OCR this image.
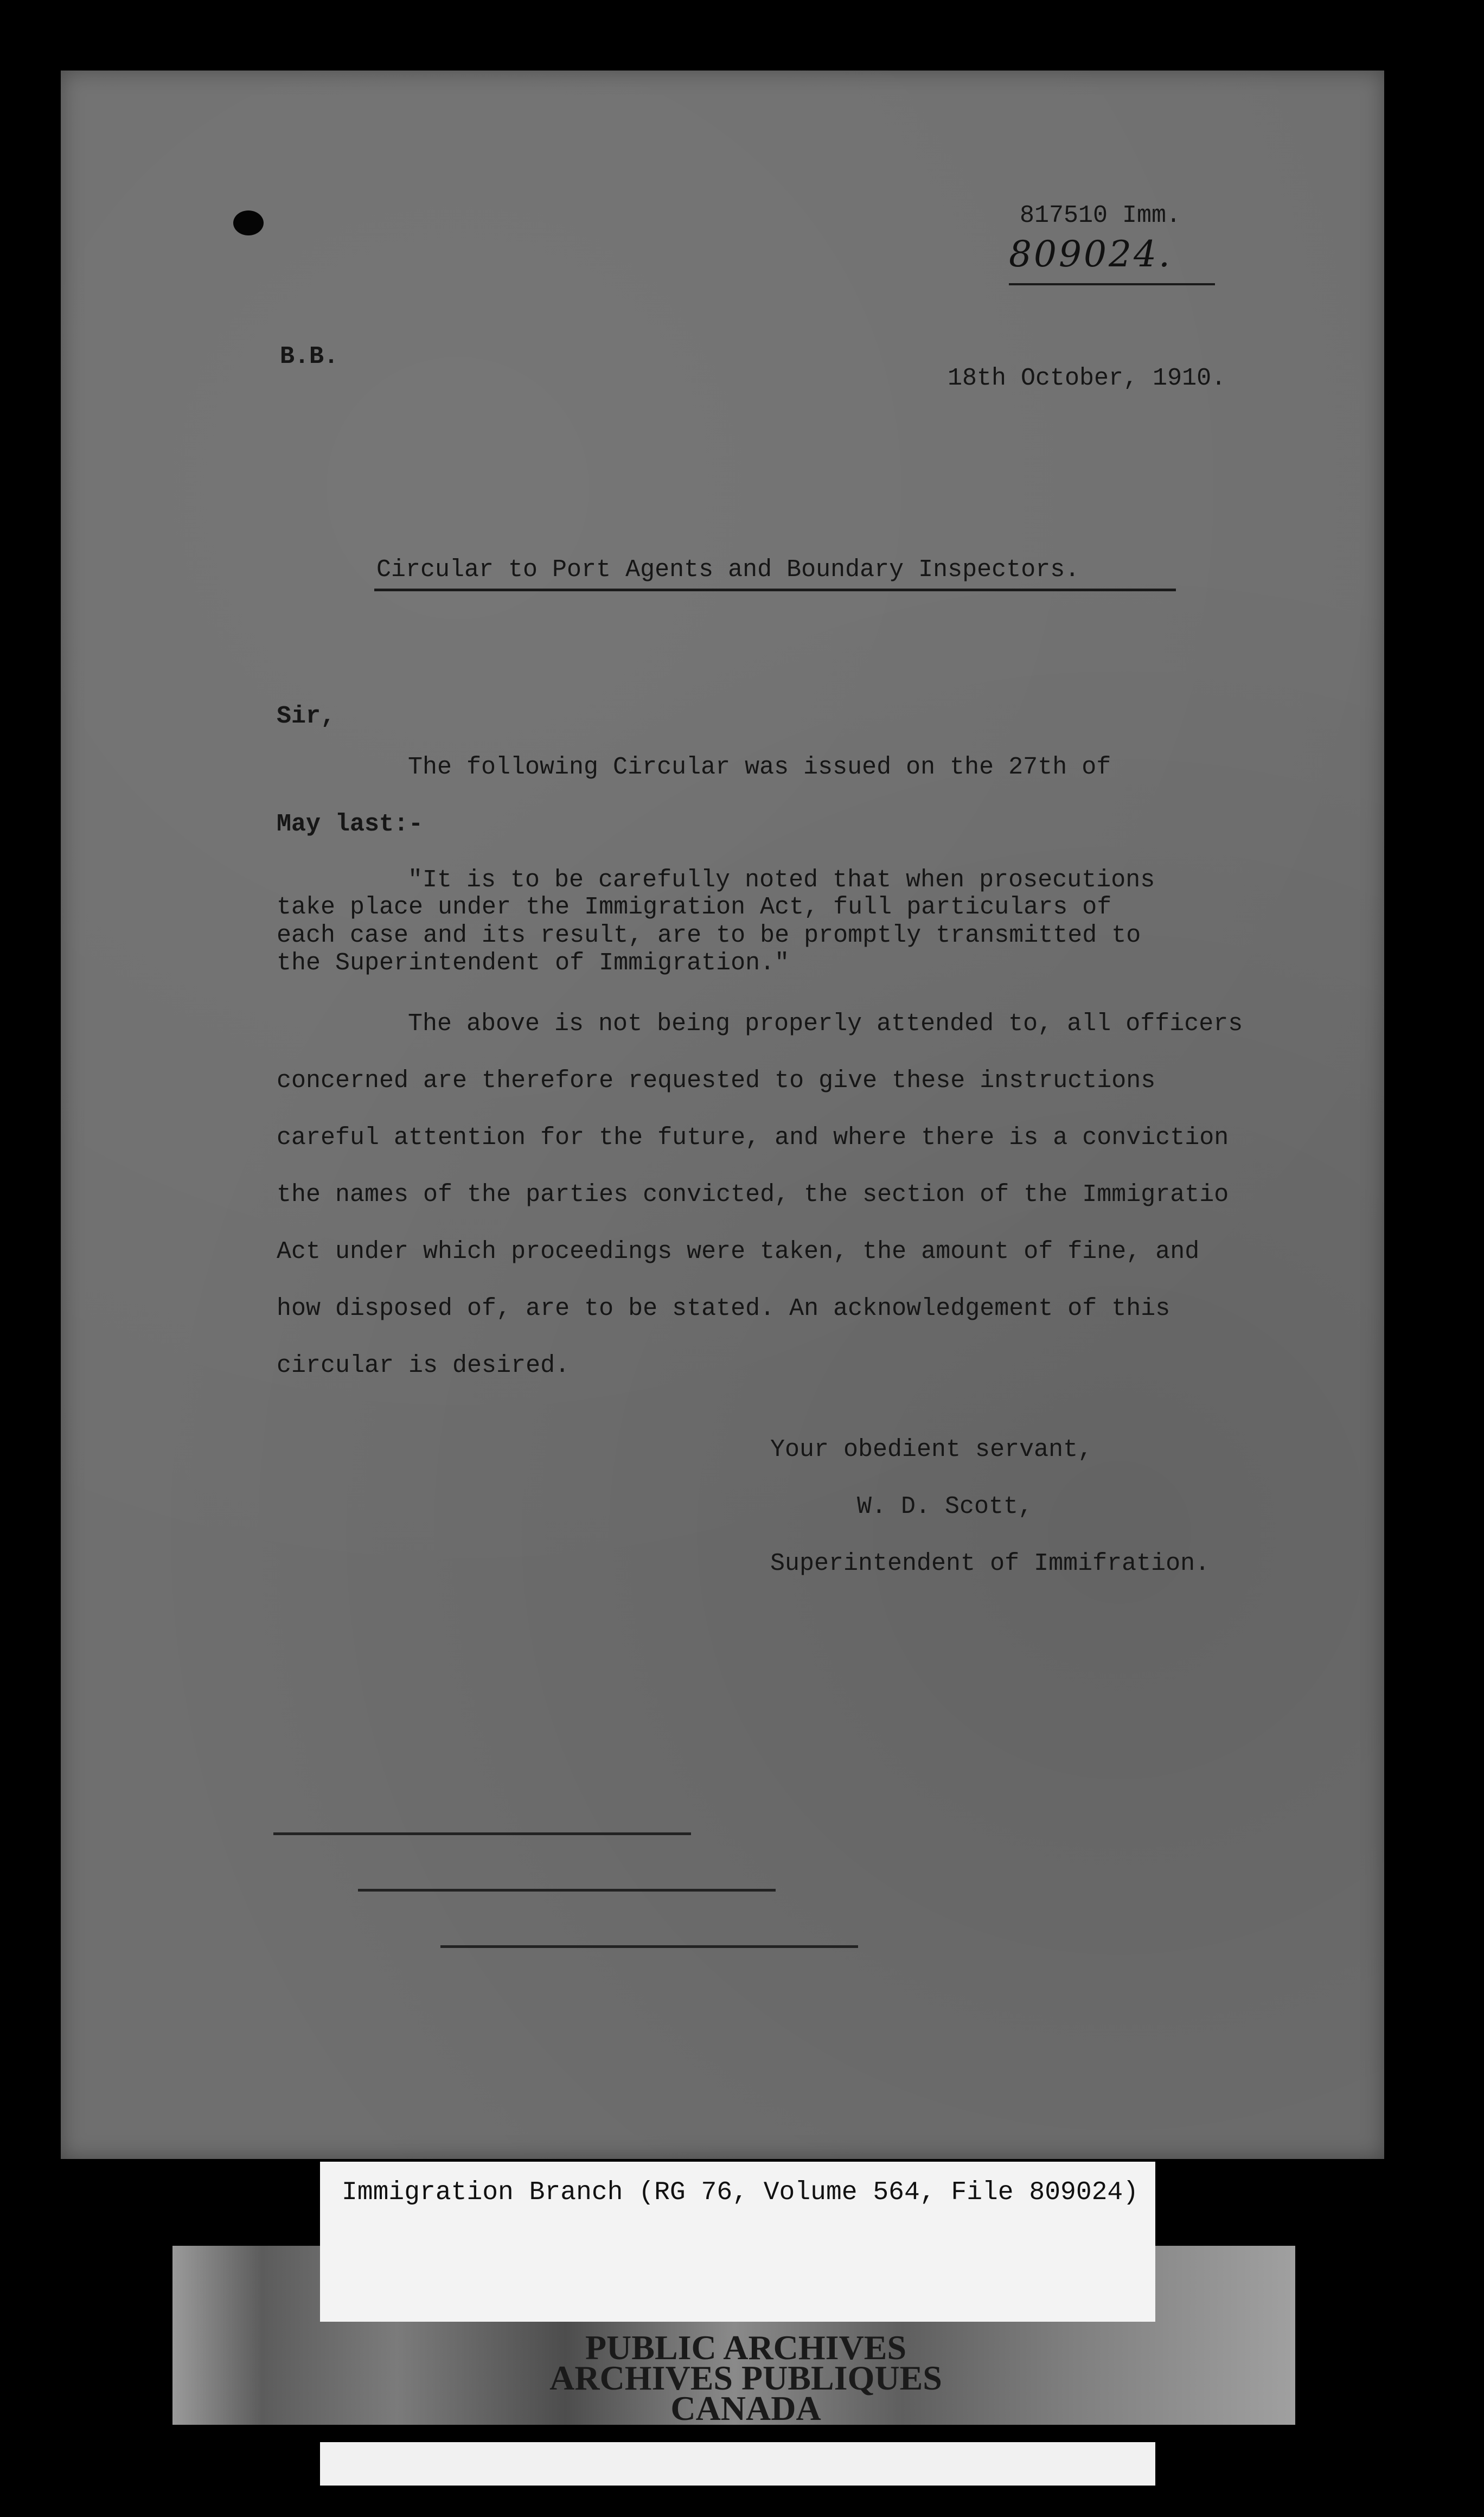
817510 Imm.
809024.
B.B.
18th October, 1910.
Circular to Port Agents and Boundary Inspectors.
Sir,
The following Circular was issued on the 27th of
May last:-
"It is to be carefully noted that when prosecutions
take place under the Immigration Act, full particulars of
each case and its result, are to be promptly transmitted to
the Superintendent of Immigration."
The above is not being properly attended to, all officers
concerned are therefore requested to give these instructions
careful attention for the future, and where there is a conviction
the names of the parties convicted, the section of the Immigratio
Act under which proceedings were taken, the amount of fine, and
how disposed of, are to be stated. An acknowledgement of this
circular is desired.
Your obedient servant,
W. D. Scott,
Superintendent of Immifration.
Immigration Branch (RG 76, Volume 564, File 809024)
PUBLIC ARCHIVES
ARCHIVES PUBLIQUES
CANADA
